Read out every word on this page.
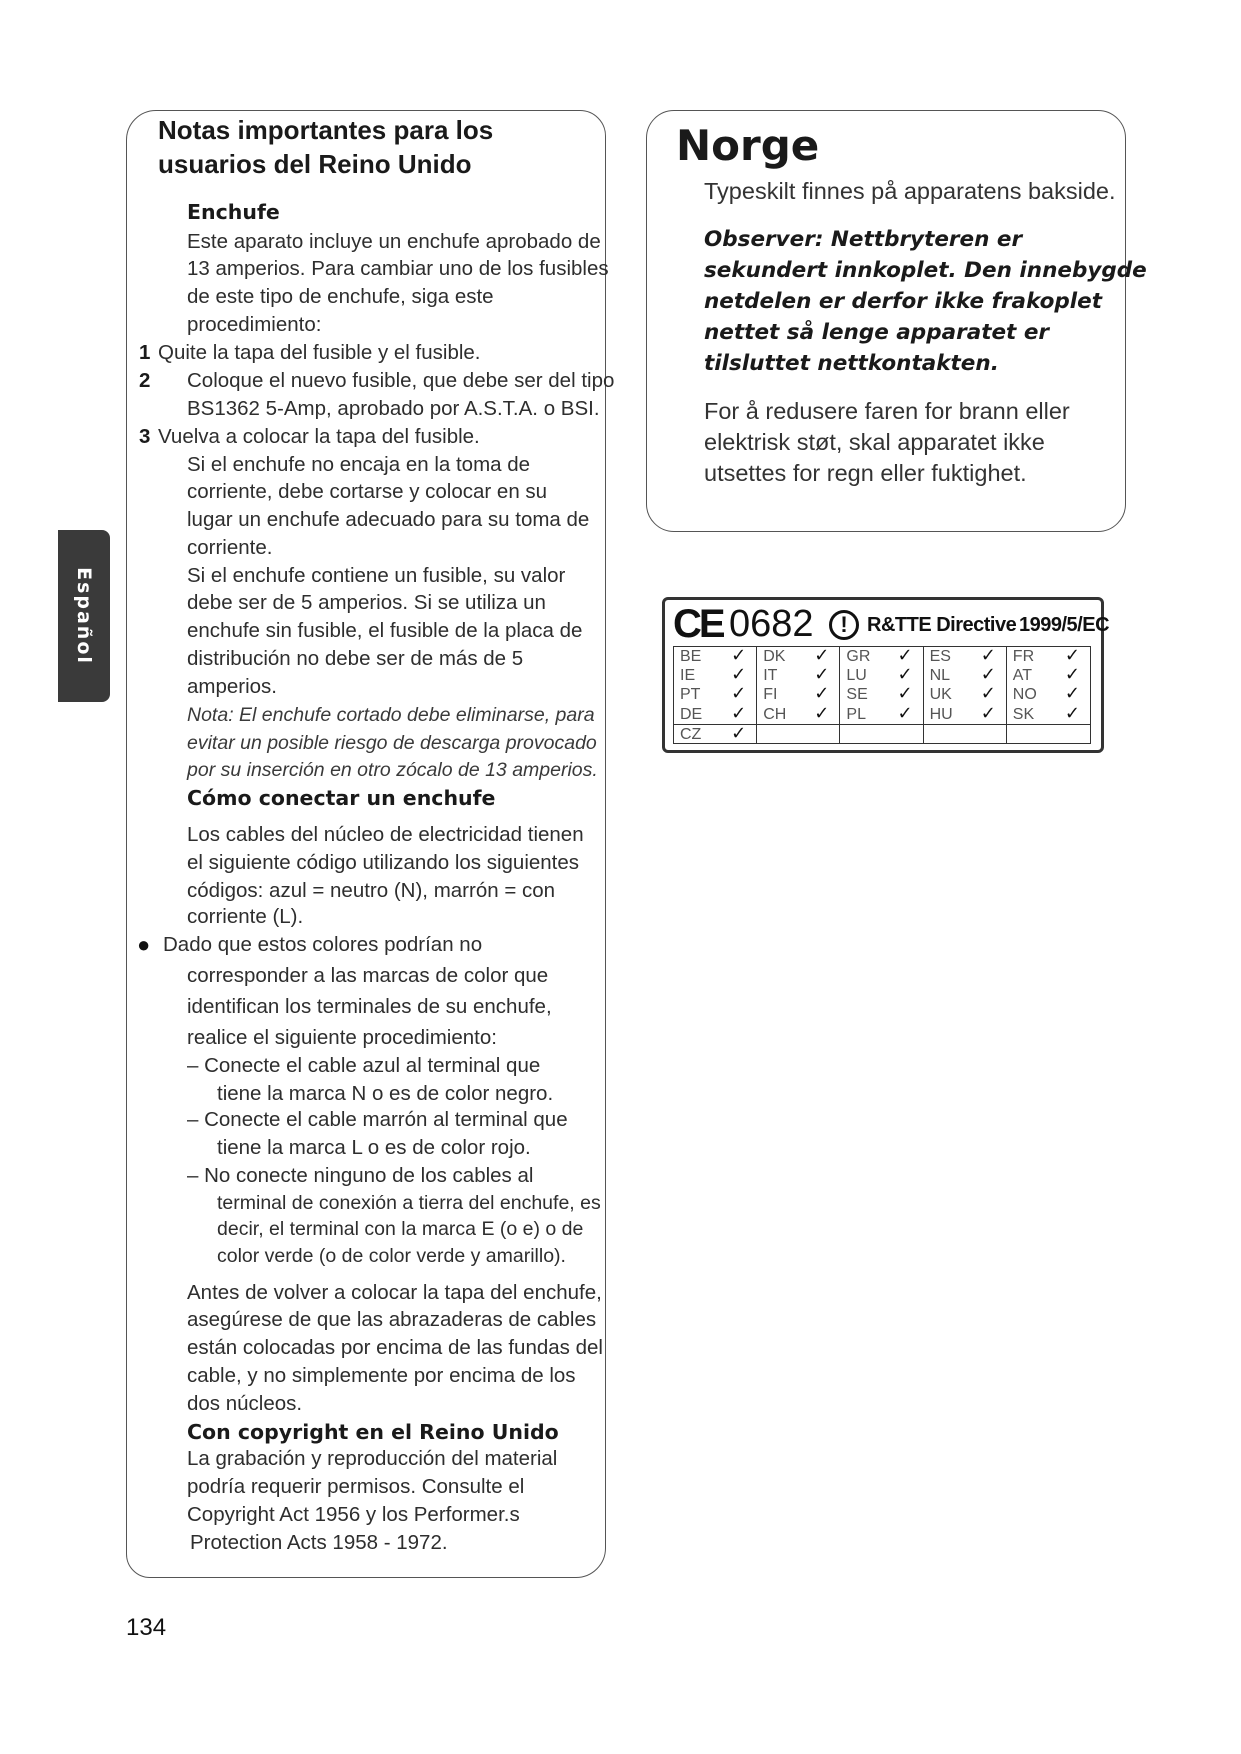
Español
Notas importantes para los
usuarios del Reino Unido
Enchufe
Este aparato incluye un enchufe aprobado de
13 amperios. Para cambiar uno de los fusibles
de este tipo de enchufe, siga este
procedimiento:
1 Quite la tapa del fusible y el fusible.
2 Coloque el nuevo fusible, que debe ser del tipo
BS1362 5-Amp, aprobado por A.S.T.A. o BSI.
3 Vuelva a colocar la tapa del fusible.
Si el enchufe no encaja en la toma de
corriente, debe cortarse y colocar en su
lugar un enchufe adecuado para su toma de
corriente.
Si el enchufe contiene un fusible, su valor
debe ser de 5 amperios. Si se utiliza un
enchufe sin fusible, el fusible de la placa de
distribución no debe ser de más de 5
amperios.
Nota: El enchufe cortado debe eliminarse, para
evitar un posible riesgo de descarga provocado
por su inserción en otro zócalo de 13 amperios.
Cómo conectar un enchufe
Los cables del núcleo de electricidad tienen
el siguiente código utilizando los siguientes
códigos: azul = neutro (N), marrón = con
corriente (L).
● Dado que estos colores podrían no
corresponder a las marcas de color que
identifican los terminales de su enchufe,
realice el siguiente procedimiento:
– Conecte el cable azul al terminal que
tiene la marca N o es de color negro.
– Conecte el cable marrón al terminal que
tiene la marca L o es de color rojo.
– No conecte ninguno de los cables al
terminal de conexión a tierra del enchufe, es
decir, el terminal con la marca E (o e) o de
color verde (o de color verde y amarillo).
Antes de volver a colocar la tapa del enchufe,
asegúrese de que las abrazaderas de cables
están colocadas por encima de las fundas del
cable, y no simplemente por encima de los
dos núcleos.
Con copyright en el Reino Unido
La grabación y reproducción del material
podría requerir permisos. Consulte el
Copyright Act 1956 y los Performer.s
Protection Acts 1958 - 1972.
Norge
Typeskilt finnes på apparatens bakside.
Observer: Nettbryteren er
sekundert innkoplet. Den innebygde
netdelen er derfor ikke frakoplet
nettet så lenge apparatet er
tilsluttet nettkontakten.
For å redusere faren for brann eller
elektrisk støt, skal apparatet ikke
utsettes for regn eller fuktighet.
CE 0682	! R&TTE Directive 1999/5/EC
BE ✓ DK ✓ GR ✓ ES ✓ FR ✓
IE ✓ IT ✓ LU ✓ NL ✓ AT ✓
PT ✓ FI ✓ SE ✓ UK ✓ NO ✓
DE ✓ CH ✓ PL ✓ HU ✓ SK ✓
CZ ✓
134
